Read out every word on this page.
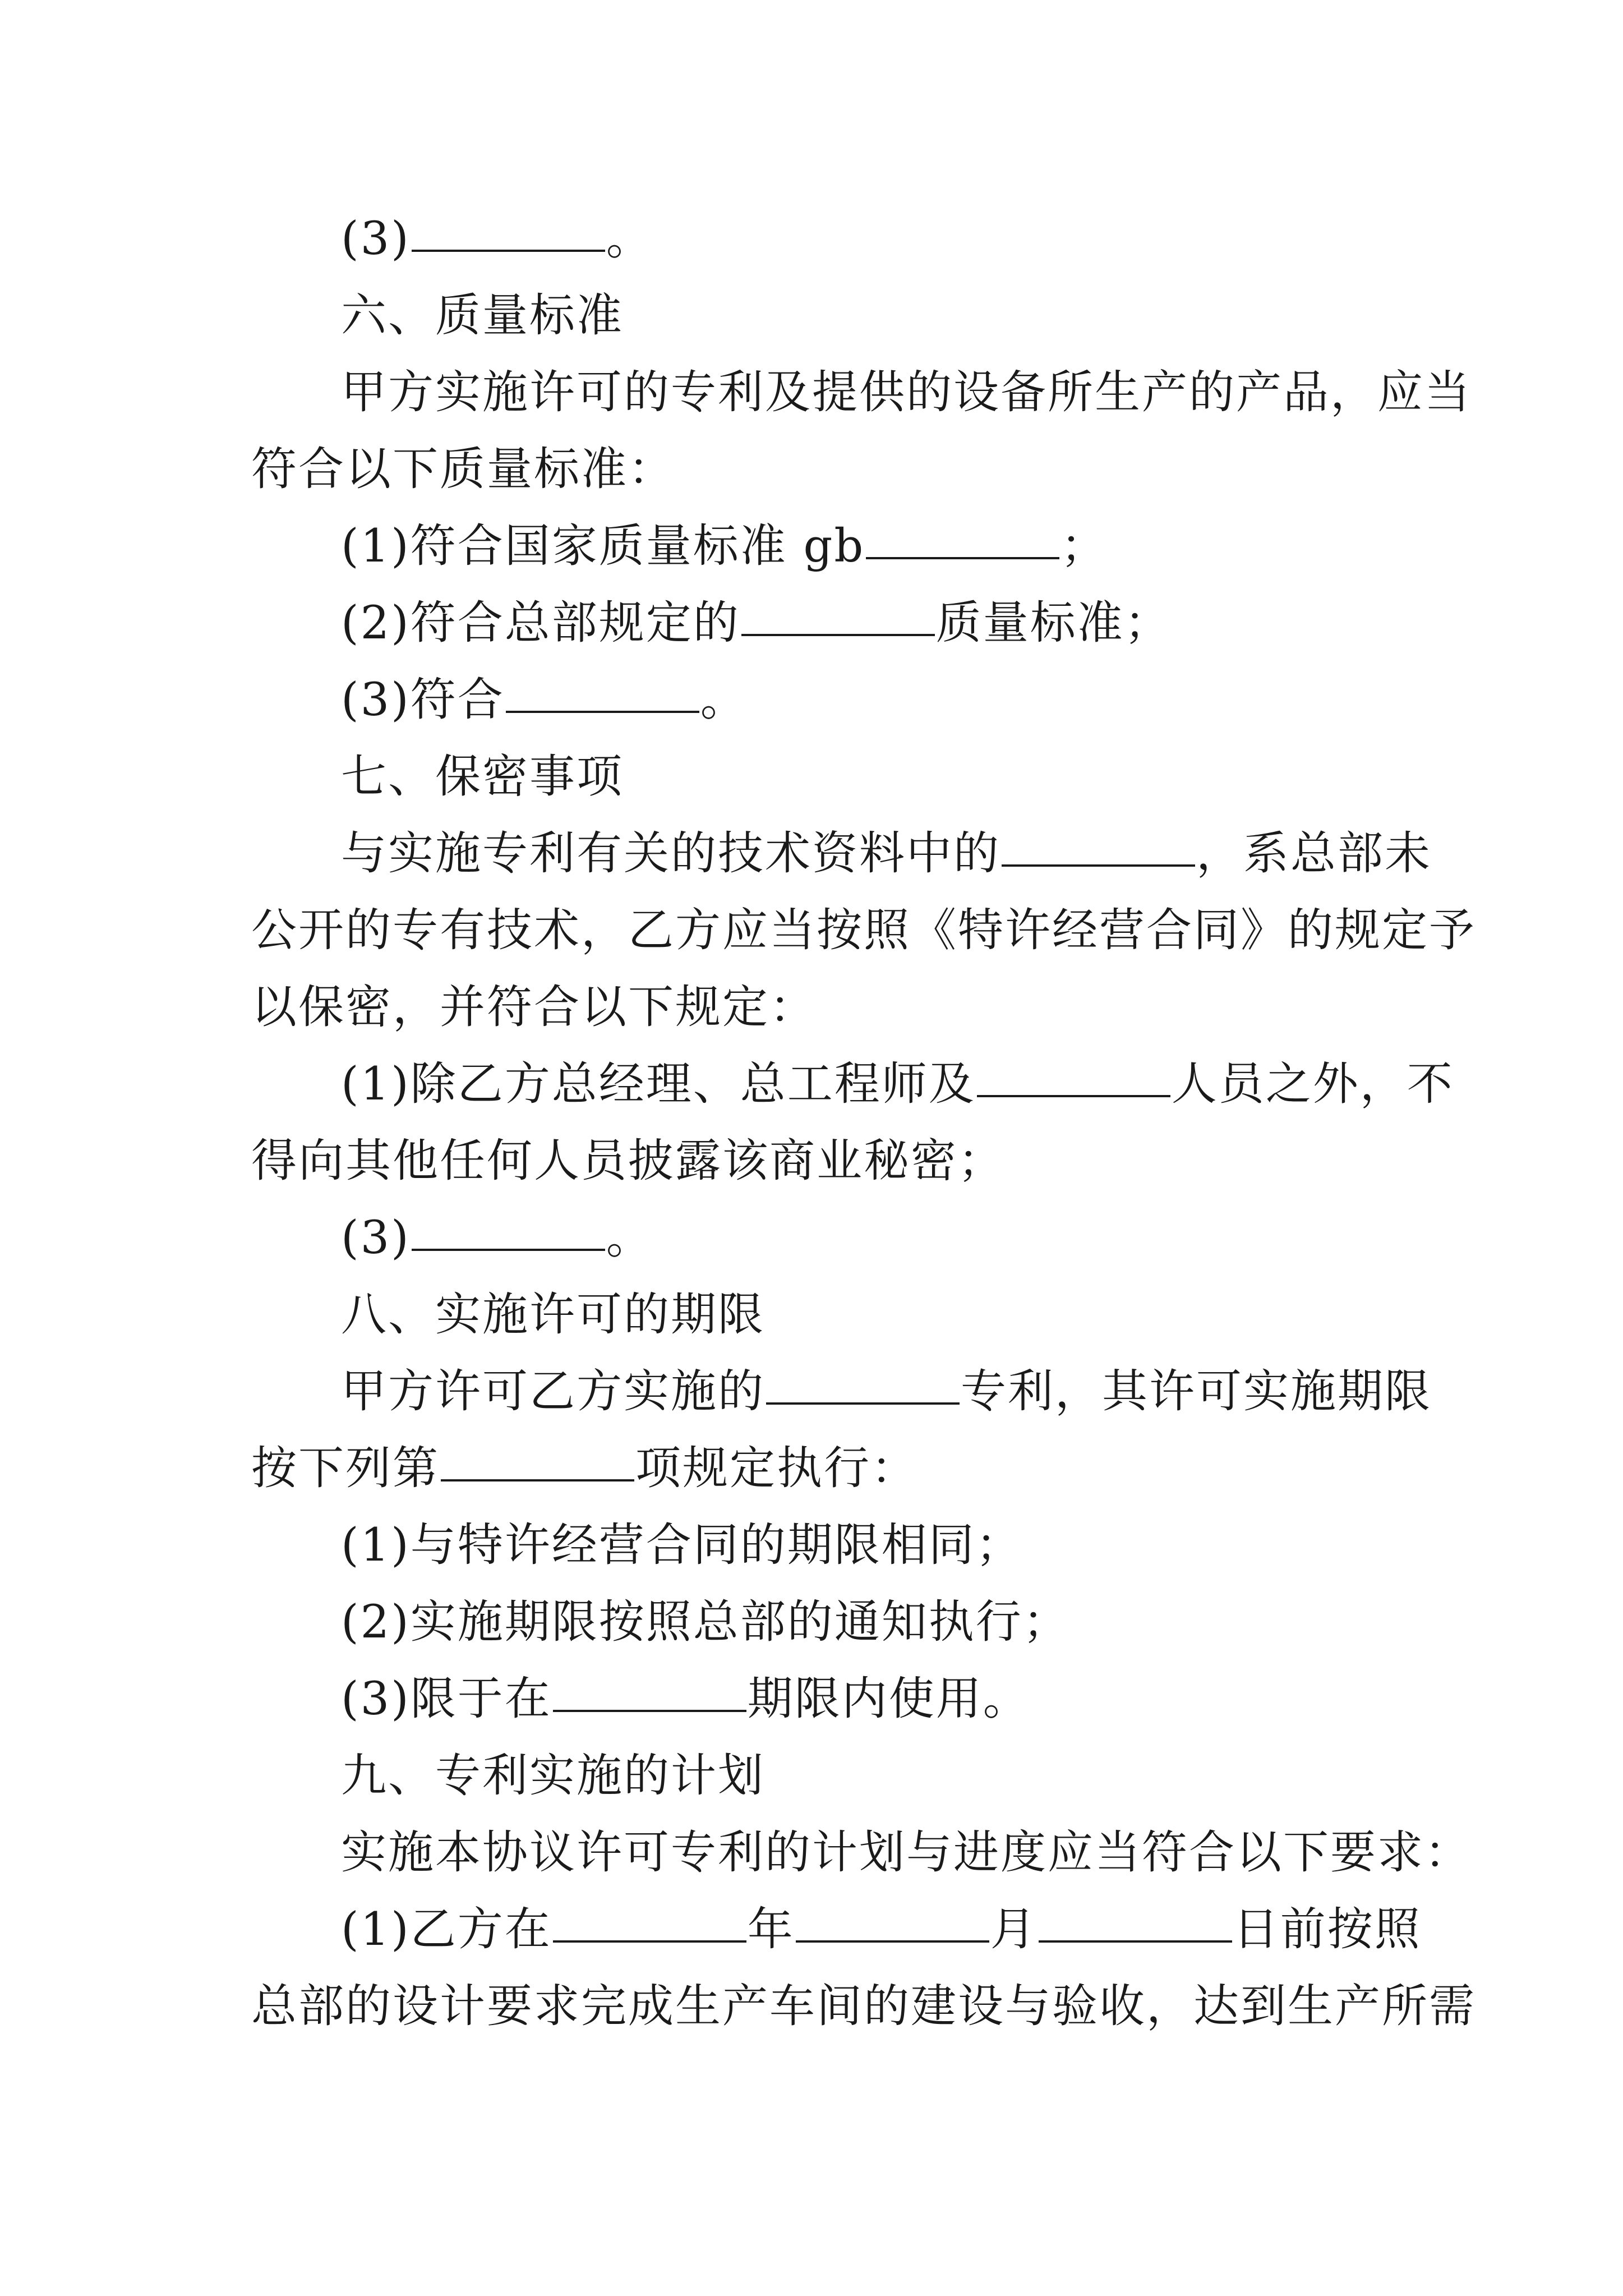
(3)	。
六、质量标准
甲方实施许可的专利及提供的设备所生产的产品，应当
符合以下质量标准：
(1)符合国家质量标准 gb	；
(2)符合总部规定的	质量标准；
(3)符合	。
七、保密事项
与实施专利有关的技术资料中的	，系总部未
公开的专有技术，乙方应当按照《特许经营合同》的规定予
以保密，并符合以下规定：
(1)除乙方总经理、总工程师及	人员之外，不
得向其他任何人员披露该商业秘密；
(3)	。
八、实施许可的期限
甲方许可乙方实施的	专利，其许可实施期限
按下列第	项规定执行：
(1)与特许经营合同的期限相同；
(2)实施期限按照总部的通知执行；
(3)限于在	期限内使用。
九、专利实施的计划
实施本协议许可专利的计划与进度应当符合以下要求：
(1)乙方在	年	月	日前按照
总部的设计要求完成生产车间的建设与验收，达到生产所需
